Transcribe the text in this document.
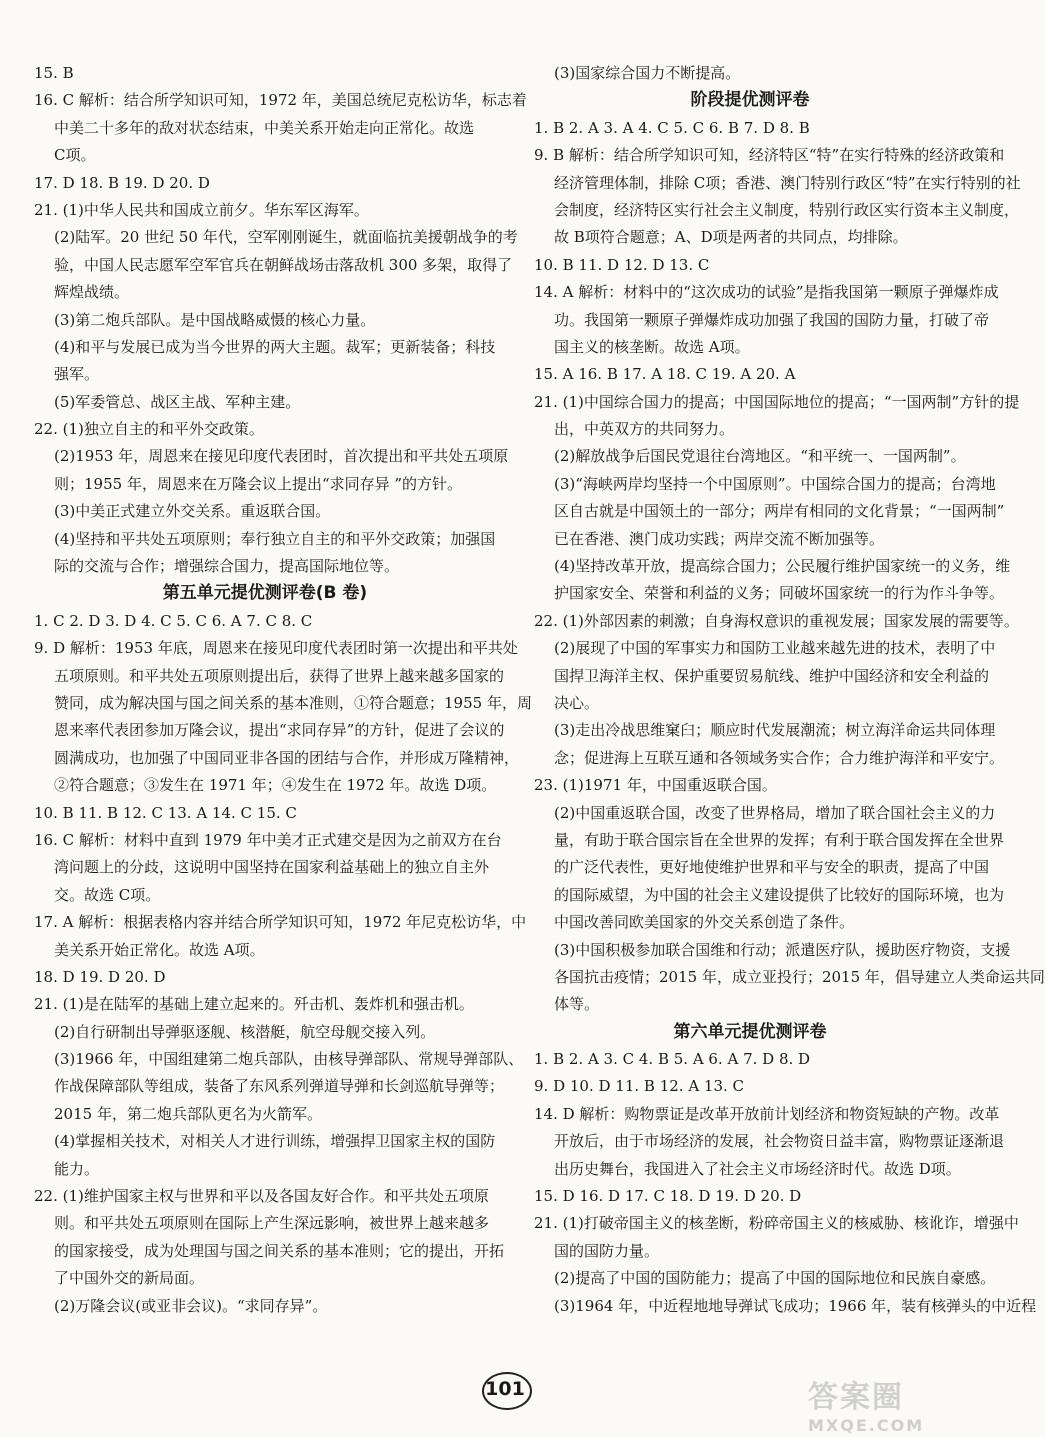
15. B
16. C 解析：结合所学知识可知，1972 年，美国总统尼克松访华，标志着
中美二十多年的敌对状态结束，中美关系开始走向正常化。故选
C项。
17. D 18. B 19. D 20. D
21. (1)中华人民共和国成立前夕。华东军区海军。
(2)陆军。20 世纪 50 年代，空军刚刚诞生，就面临抗美援朝战争的考
验，中国人民志愿军空军官兵在朝鲜战场击落敌机 300 多架，取得了
辉煌战绩。
(3)第二炮兵部队。是中国战略威慑的核心力量。
(4)和平与发展已成为当今世界的两大主题。裁军；更新装备；科技
强军。
(5)军委管总、战区主战、军种主建。
22. (1)独立自主的和平外交政策。
(2)1953 年，周恩来在接见印度代表团时，首次提出和平共处五项原
则；1955 年，周恩来在万隆会议上提出“求同存异 ”的方针。
(3)中美正式建立外交关系。重返联合国。
(4)坚持和平共处五项原则；奉行独立自主的和平外交政策；加强国
际的交流与合作；增强综合国力，提高国际地位等。
第五单元提优测评卷(B 卷)
1. C 2. D 3. D 4. C 5. C 6. A 7. C 8. C
9. D 解析：1953 年底，周恩来在接见印度代表团时第一次提出和平共处
五项原则。和平共处五项原则提出后，获得了世界上越来越多国家的
赞同，成为解决国与国之间关系的基本准则，①符合题意；1955 年，周
恩来率代表团参加万隆会议，提出“求同存异”的方针，促进了会议的
圆满成功，也加强了中国同亚非各国的团结与合作，并形成万隆精神，
②符合题意；③发生在 1971 年；④发生在 1972 年。故选 D项。
10. B 11. B 12. C 13. A 14. C 15. C
16. C 解析：材料中直到 1979 年中美才正式建交是因为之前双方在台
湾问题上的分歧，这说明中国坚持在国家利益基础上的独立自主外
交。故选 C项。
17. A 解析：根据表格内容并结合所学知识可知，1972 年尼克松访华，中
美关系开始正常化。故选 A项。
18. D 19. D 20. D
21. (1)是在陆军的基础上建立起来的。歼击机、轰炸机和强击机。
(2)自行研制出导弹驱逐舰、核潜艇，航空母舰交接入列。
(3)1966 年，中国组建第二炮兵部队，由核导弹部队、常规导弹部队、
作战保障部队等组成，装备了东风系列弹道导弹和长剑巡航导弹等；
2015 年，第二炮兵部队更名为火箭军。
(4)掌握相关技术，对相关人才进行训练，增强捍卫国家主权的国防
能力。
22. (1)维护国家主权与世界和平以及各国友好合作。和平共处五项原
则。和平共处五项原则在国际上产生深远影响，被世界上越来越多
的国家接受，成为处理国与国之间关系的基本准则；它的提出，开拓
了中国外交的新局面。
(2)万隆会议(或亚非会议)。“求同存异”。
(3)国家综合国力不断提高。
阶段提优测评卷
1. B 2. A 3. A 4. C 5. C 6. B 7. D 8. B
9. B 解析：结合所学知识可知，经济特区“特”在实行特殊的经济政策和
经济管理体制，排除 C项；香港、澳门特别行政区“特”在实行特别的社
会制度，经济特区实行社会主义制度，特别行政区实行资本主义制度，
故 B项符合题意；A、D项是两者的共同点，均排除。
10. B 11. D 12. D 13. C
14. A 解析：材料中的“这次成功的试验”是指我国第一颗原子弹爆炸成
功。我国第一颗原子弹爆炸成功加强了我国的国防力量，打破了帝
国主义的核垄断。故选 A项。
15. A 16. B 17. A 18. C 19. A 20. A
21. (1)中国综合国力的提高；中国国际地位的提高；“一国两制”方针的提
出，中英双方的共同努力。
(2)解放战争后国民党退往台湾地区。“和平统一、一国两制”。
(3)“海峡两岸均坚持一个中国原则”。中国综合国力的提高；台湾地
区自古就是中国领土的一部分；两岸有相同的文化背景；“一国两制”
已在香港、澳门成功实践；两岸交流不断加强等。
(4)坚持改革开放，提高综合国力；公民履行维护国家统一的义务，维
护国家安全、荣誉和利益的义务；同破坏国家统一的行为作斗争等。
22. (1)外部因素的刺激；自身海权意识的重视发展；国家发展的需要等。
(2)展现了中国的军事实力和国防工业越来越先进的技术，表明了中
国捍卫海洋主权、保护重要贸易航线、维护中国经济和安全利益的
决心。
(3)走出冷战思维窠臼；顺应时代发展潮流；树立海洋命运共同体理
念；促进海上互联互通和各领域务实合作；合力维护海洋和平安宁。
23. (1)1971 年，中国重返联合国。
(2)中国重返联合国，改变了世界格局，增加了联合国社会主义的力
量，有助于联合国宗旨在全世界的发挥；有利于联合国发挥在全世界
的广泛代表性，更好地使维护世界和平与安全的职责，提高了中国
的国际威望，为中国的社会主义建设提供了比较好的国际环境，也为
中国改善同欧美国家的外交关系创造了条件。
(3)中国积极参加联合国维和行动；派遣医疗队，援助医疗物资，支援
各国抗击疫情；2015 年，成立亚投行；2015 年，倡导建立人类命运共同
体等。
第六单元提优测评卷
1. B 2. A 3. C 4. B 5. A 6. A 7. D 8. D
9. D 10. D 11. B 12. A 13. C
14. D 解析：购物票证是改革开放前计划经济和物资短缺的产物。改革
开放后，由于市场经济的发展，社会物资日益丰富，购物票证逐渐退
出历史舞台，我国进入了社会主义市场经济时代。故选 D项。
15. D 16. D 17. C 18. D 19. D 20. D
21. (1)打破帝国主义的核垄断，粉碎帝国主义的核威胁、核讹诈，增强中
国的国防力量。
(2)提高了中国的国防能力；提高了中国的国际地位和民族自豪感。
(3)1964 年，中近程地地导弹试飞成功；1966 年，装有核弹头的中近程
101	答案圈
MXQE.COM
